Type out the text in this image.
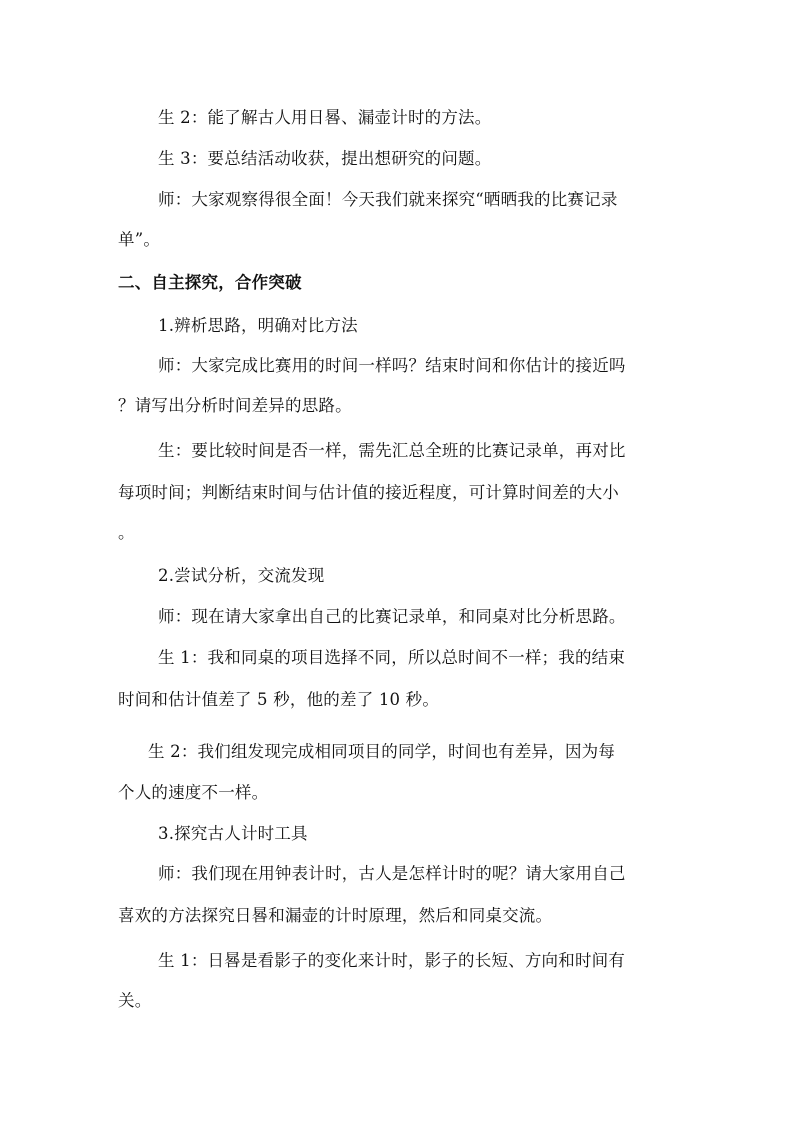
生 2：能了解古人用日晷、漏壶计时的方法。
生 3：要总结活动收获，提出想研究的问题。
师：大家观察得很全面！今天我们就来探究“晒晒我的比赛记录
单”。
二、自主探究，合作突破
1.辨析思路，明确对比方法
师：大家完成比赛用的时间一样吗？结束时间和你估计的接近吗
？请写出分析时间差异的思路。
生：要比较时间是否一样，需先汇总全班的比赛记录单，再对比
每项时间；判断结束时间与估计值的接近程度，可计算时间差的大小
。
2.尝试分析，交流发现
师：现在请大家拿出自己的比赛记录单，和同桌对比分析思路。
生 1：我和同桌的项目选择不同，所以总时间不一样；我的结束
时间和估计值差了 5 秒，他的差了 10 秒。
生 2：我们组发现完成相同项目的同学，时间也有差异，因为每
个人的速度不一样。
3.探究古人计时工具
师：我们现在用钟表计时，古人是怎样计时的呢？请大家用自己
喜欢的方法探究日晷和漏壶的计时原理，然后和同桌交流。
生 1：日晷是看影子的变化来计时，影子的长短、方向和时间有
关。
